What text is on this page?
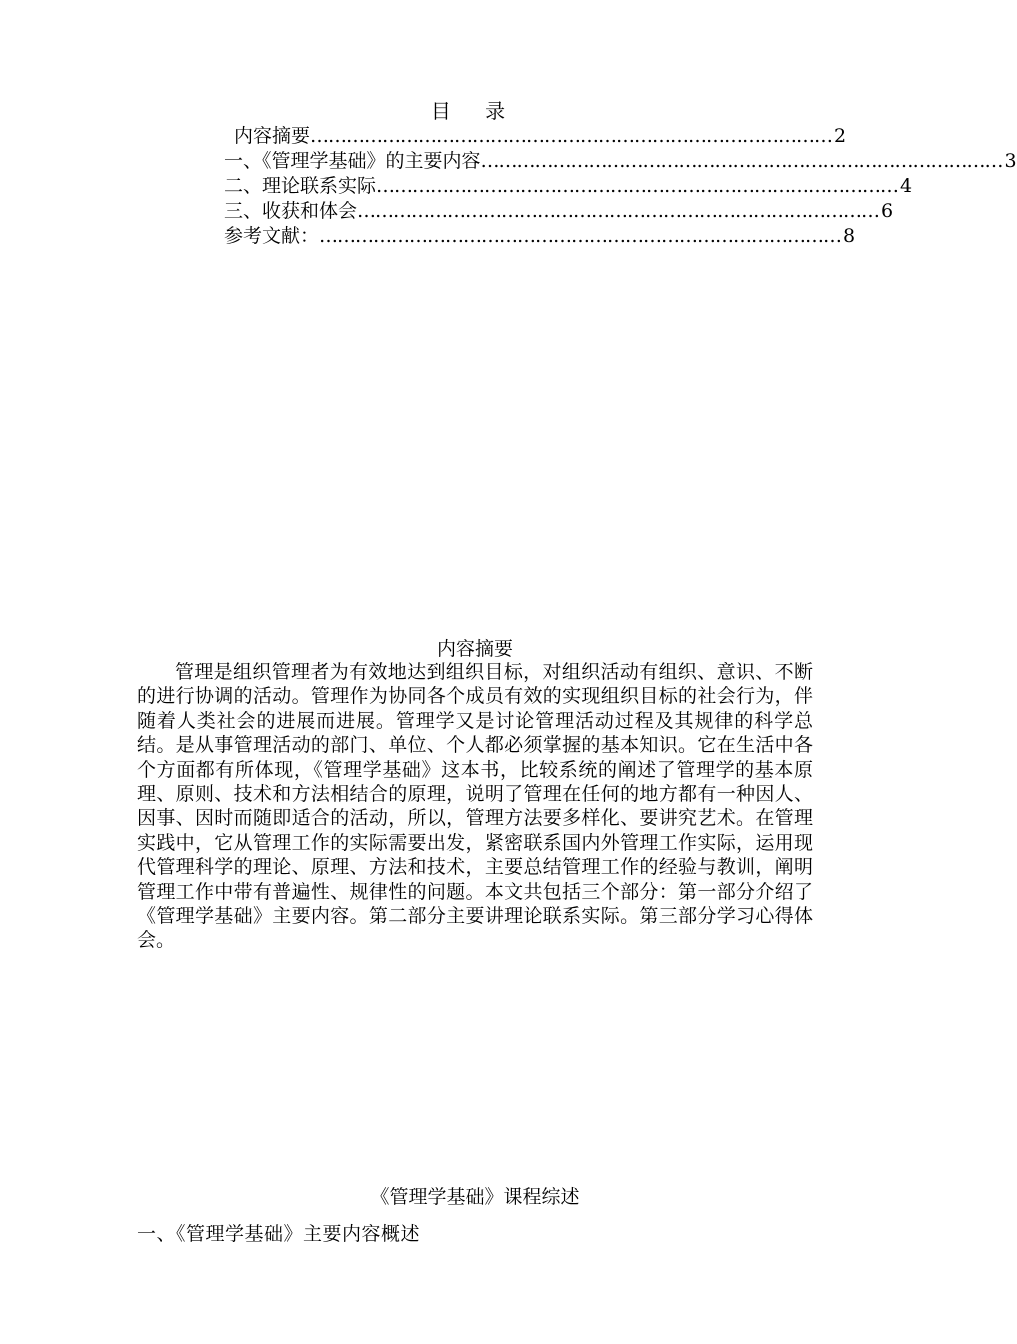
目 录
内容摘要 …………………………………………………………………………… 2
一、《管理学基础》的主要内容 …………………………………………………………………………… 3
二、理论联系实际 …………………………………………………………………………… 4
三、收获和体会 …………………………………………………………………………… 6
参考文献： …………………………………………………………………………… 8
内容摘要
管理是组织管理者为有效地达到组织目标，对组织活动有组织、意识、不断的进行协调的活动。管理作为协同各个成员有效的实现组织目标的社会行为，伴随着人类社会的进展而进展。管理学又是讨论管理活动过程及其规律的科学总结。是从事管理活动的部门、单位、个人都必须掌握的基本知识。它在生活中各个方面都有所体现，《管理学基础》这本书，比较系统的阐述了管理学的基本原理、原则、技术和方法相结合的原理，说明了管理在任何的地方都有一种因人、因事、因时而随即适合的活动，所以，管理方法要多样化、要讲究艺术。在管理实践中，它从管理工作的实际需要出发，紧密联系国内外管理工作实际，运用现代管理科学的理论、原理、方法和技术，主要总结管理工作的经验与教训，阐明管理工作中带有普遍性、规律性的问题。本文共包括三个部分：第一部分介绍了《管理学基础》主要内容。第二部分主要讲理论联系实际。第三部分学习心得体会。
《管理学基础》课程综述
一、《管理学基础》主要内容概述
